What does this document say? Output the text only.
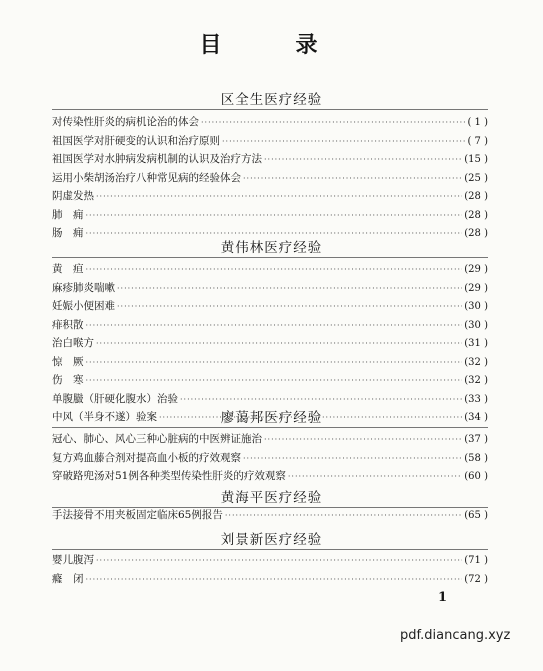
目　录
区全生医疗经验
对传染性肝炎的病机论治的体会 ·····	( 1 )
祖国医学对肝硬变的认识和治疗原则 ·····	( 7 )
祖国医学对水肿病发病机制的认识及治疗方法 ·····	(15 )
运用小柴胡汤治疗八种常见病的经验体会 ·····	(25 )
阴虚发热 ·····	(28 )
肺　痈 ·····	(28 )
肠　痈 ·····	(28 )
黄伟林医疗经验
黄　疸 ·····	(29 )
麻疹肺炎喘嗽 ·····	(29 )
妊娠小便困难 ·····	(30 )
痱积散 ·····	(30 )
治白喉方 ·····	(31 )
惊　厥 ·····	(32 )
伤　寒 ·····	(32 )
单腹臌（肝硬化腹水）治验 ·····	(33 )
中风（半身不遂）验案 ·····	(34 )
廖蔼邦医疗经验
冠心、肺心、风心三种心脏病的中医辨证施治 ·····	(37 )
复方鸡血藤合剂对提高血小板的疗效观察 ·····	(58 )
穿破路兜汤对51例各种类型传染性肝炎的疗效观察 ·····	(60 )
黄海平医疗经验
手法接骨不用夹板固定临床65例报告 ·····	(65 )
刘景新医疗经验
婴儿腹泻 ·····	(71 )
癃　闭 ·····	(72 )
1
pdf.diancang.xyz
